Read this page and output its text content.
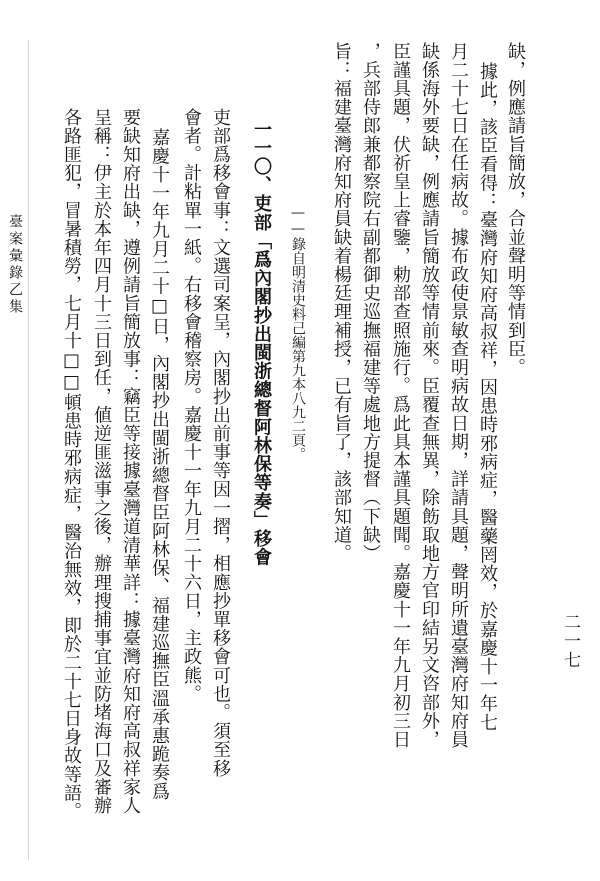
缺，例應請旨簡放，合並聲明等情到臣。
據此，該臣看得：臺灣府知府高叔祥，因患時邪病症，醫藥罔效，於嘉慶十一年七
月二十七日在任病故。據布政使景敏查明病故日期，詳請具題，聲明所遺臺灣府知府員
缺係海外要缺，例應請旨簡放等情前來。臣覆查無異，除飭取地方官印結另文咨部外，
臣謹具題，伏祈皇上睿鑒，勅部查照施行。爲此具本謹具題聞。嘉慶十一年九月初三日
，兵部侍郎兼都察院右副都御史巡撫福建等處地方提督（下缺）
旨：福建臺灣府知府員缺着楊廷理補授，已有旨了，該部知道。
——錄自明清史料己編第九本八九二頁。
一一〇、吏部「爲內閣抄出閩浙總督阿林保等奏」移會
吏部爲移會事：文選司案呈，內閣抄出前事等因一摺，相應抄單移會可也。須至移
會者。計粘單一紙。右移會稽察房。嘉慶十一年九月二十六日，主政熊。
嘉慶十一年九月二十□日，內閣抄出閩浙總督臣阿林保、福建巡撫臣溫承惠跪奏爲
要缺知府出缺，遵例請旨簡放事：竊臣等接據臺灣道清華詳：據臺灣府知府高叔祥家人
呈稱：伊主於本年四月十三日到任，値逆匪滋事之後，辦理搜捕事宜並防堵海口及審辦
各路匪犯，冒暑積勞，七月十□□頓患時邪病症，醫治無效，即於二十七日身故等語。
臺案彙錄乙集
二一七
